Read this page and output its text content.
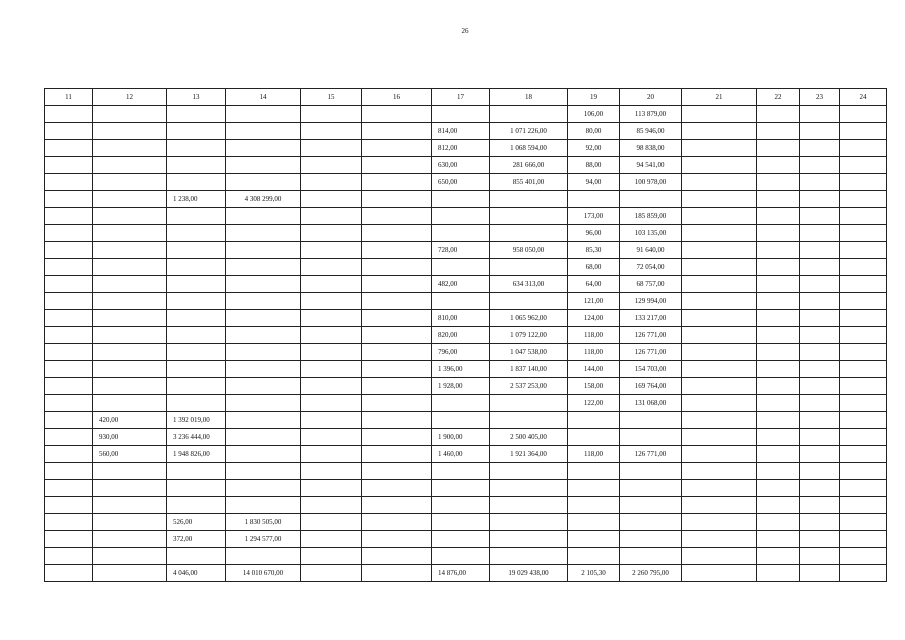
26
11	12	13	14	15	16	17	18	19	20	21	22	23	24
								106,00	113 879,00				
						814,00	1 071 226,00	80,00	85 946,00				
						812,00	1 068 594,00	92,00	98 838,00				
						630,00	281 666,00	88,00	94 541,00				
						650,00	855 401,00	94,00	100 978,00				
		1 238,00	4 308 299,00										
								173,00	185 859,00				
								96,00	103 135,00				
						728,00	958 050,00	85,30	91 640,00				
								68,00	72 054,00				
						482,00	634 313,00	64,00	68 757,00				
								121,00	129 994,00				
						810,00	1 065 962,00	124,00	133 217,00				
						820,00	1 079 122,00	118,00	126 771,00				
						796,00	1 047 538,00	118,00	126 771,00				
						1 396,00	1 837 140,00	144,00	154 703,00				
						1 928,00	2 537 253,00	158,00	169 764,00				
								122,00	131 068,00				
	420,00	1 392 019,00											
	930,00	3 236 444,00				1 900,00	2 500 405,00						
	560,00	1 948 826,00				1 460,00	1 921 364,00	118,00	126 771,00				

		526,00	1 830 505,00										
		372,00	1 294 577,00										

		4 046,00	14 010 670,00			14 876,00	19 029 438,00	2 105,30	2 260 795,00				
